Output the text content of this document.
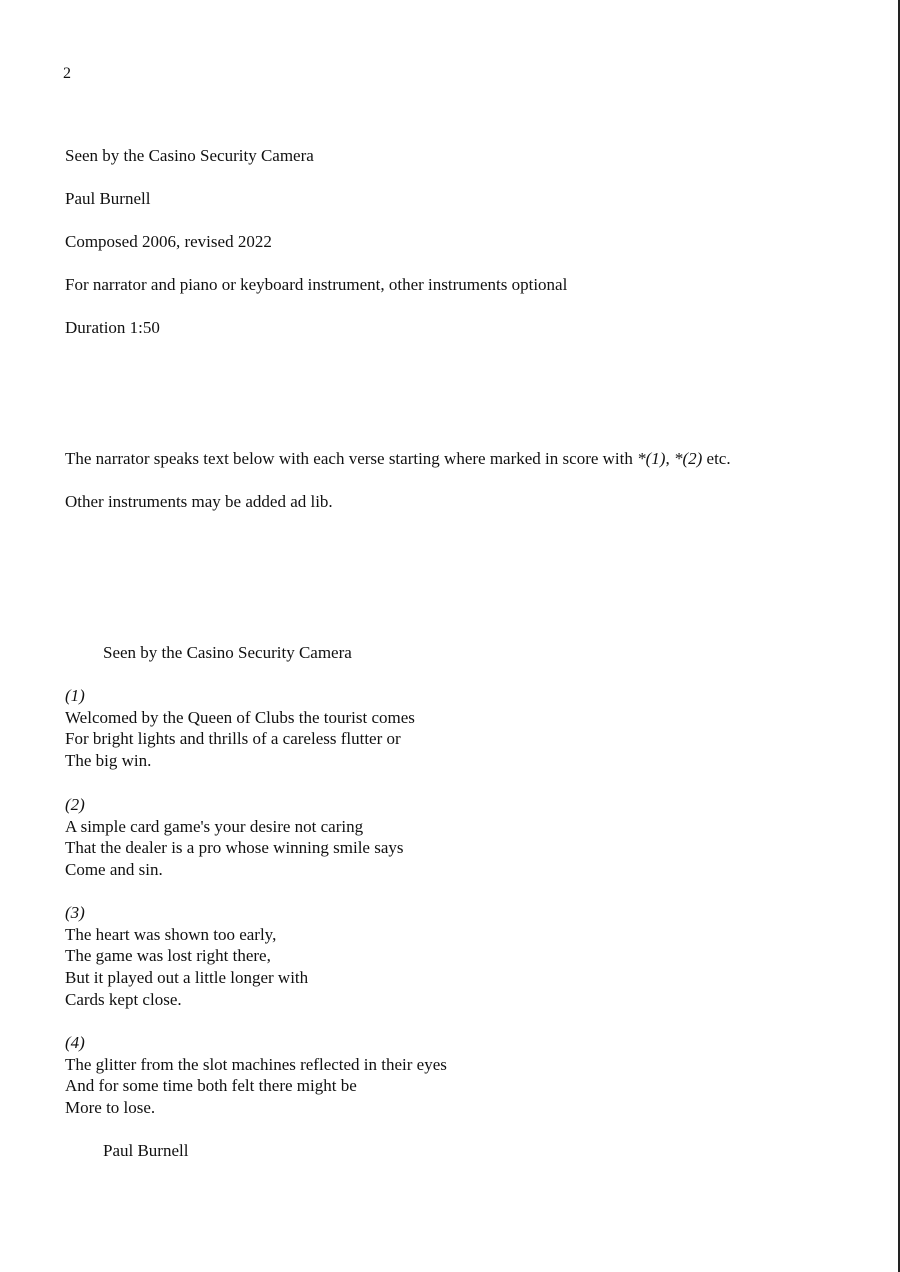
2
Seen by the Casino Security Camera
Paul Burnell
Composed 2006, revised 2022
For narrator and piano or keyboard instrument, other instruments optional
Duration 1:50
The narrator speaks text below with each verse starting where marked in score with *(1), *(2) etc.
Other instruments may be added ad lib.
Seen by the Casino Security Camera
(1)
Welcomed by the Queen of Clubs the tourist comes
For bright lights and thrills of a careless flutter or
The big win.
(2)
A simple card game's your desire not caring
That the dealer is a pro whose winning smile says
Come and sin.
(3)
The heart was shown too early,
The game was lost right there,
But it played out a little longer with
Cards kept close.
(4)
The glitter from the slot machines reflected in their eyes
And for some time both felt there might be
More to lose.
Paul Burnell
